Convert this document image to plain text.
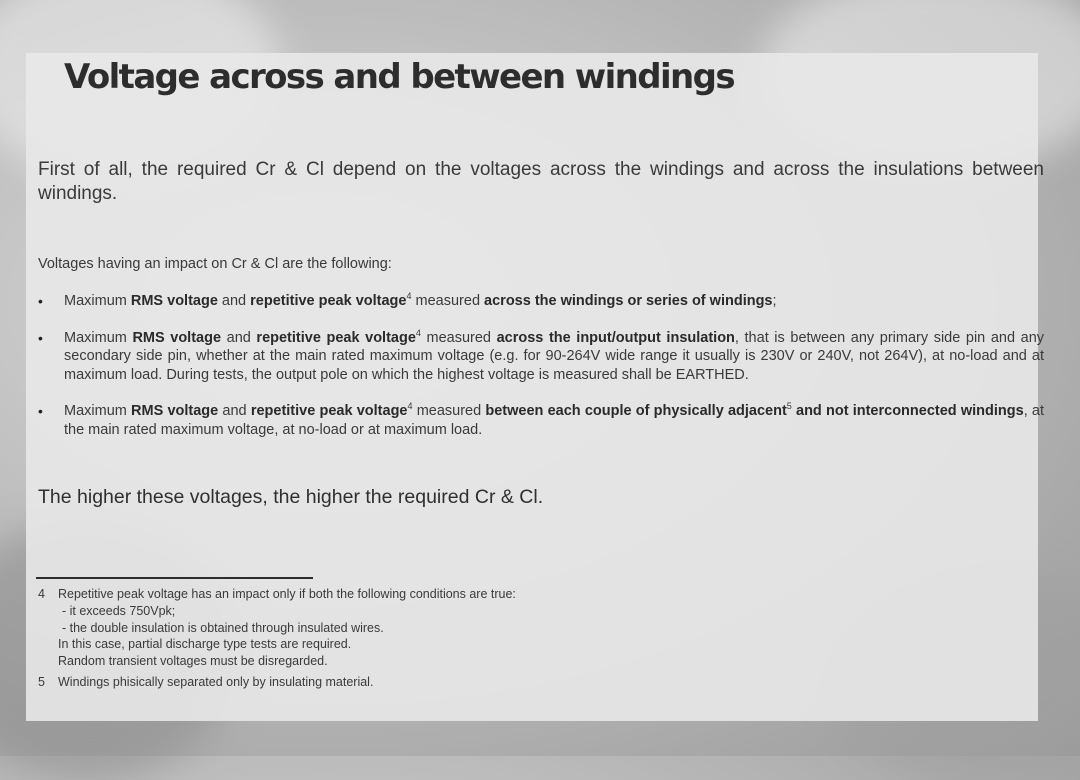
Voltage across and between windings

First of all, the required Cr & Cl depend on the voltages across the windings and across the insulations between windings.

Voltages having an impact on Cr & Cl are the following:

• Maximum RMS voltage and repetitive peak voltage$^4$ measured across the windings or series of windings;
• Maximum RMS voltage and repetitive peak voltage$^4$ measured across the input/output insulation, that is between any primary side pin and any secondary side pin, whether at the main rated maximum voltage (e.g. for 90-264V wide range it usually is 230V or 240V, not 264V), at no-load and at maximum load. During tests, the output pole on which the highest voltage is measured shall be EARTHED.
• Maximum RMS voltage and repetitive peak voltage$^4$ measured between each couple of physically adjacent$^5$ and not interconnected windings, at the main rated maximum voltage, at no-load or at maximum load.

The higher these voltages, the higher the required Cr & Cl.

4	Repetitive peak voltage has an impact only if both the following conditions are true:
- it exceeds 750Vpk;
- the double insulation is obtained through insulated wires.
In this case, partial discharge type tests are required.
Random transient voltages must be disregarded.
5	Windings phisically separated only by insulating material.
